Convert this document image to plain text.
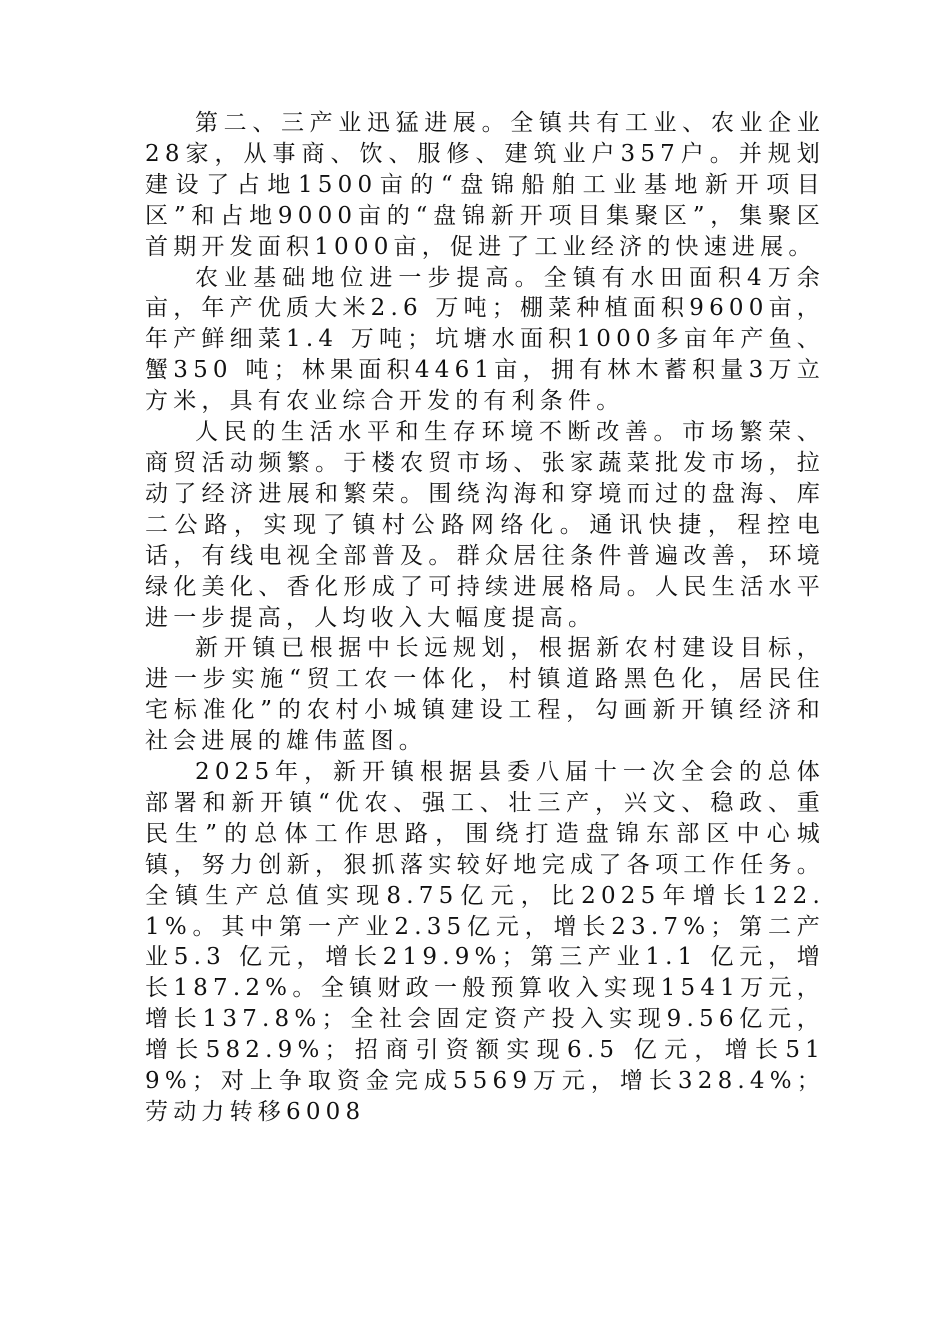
第二、三产业迅猛进展。全镇共有工业、农业企业28家，从事商、饮、服修、建筑业户357户。并规划建设了占地1500亩的“盘锦船舶工业基地新开项目区”和占地9000亩的“盘锦新开项目集聚区”，集聚区首期开发面积1000亩，促进了工业经济的快速进展。

农业基础地位进一步提高。全镇有水田面积4万余亩，年产优质大米2.6 万吨；棚菜种植面积9600亩，年产鲜细菜1.4 万吨；坑塘水面积1000多亩年产鱼、蟹350 吨；林果面积4461亩，拥有林木蓄积量3万立方米，具有农业综合开发的有利条件。

人民的生活水平和生存环境不断改善。市场繁荣、商贸活动频繁。于楼农贸市场、张家蔬菜批发市场，拉动了经济进展和繁荣。围绕沟海和穿境而过的盘海、库二公路，实现了镇村公路网络化。通讯快捷，程控电话，有线电视全部普及。群众居往条件普遍改善，环境绿化美化、香化形成了可持续进展格局。人民生活水平进一步提高，人均收入大幅度提高。

新开镇已根据中长远规划，根据新农村建设目标，进一步实施“贸工农一体化，村镇道路黑色化，居民住宅标准化”的农村小城镇建设工程，勾画新开镇经济和社会进展的雄伟蓝图。

2025年，新开镇根据县委八届十一次全会的总体部署和新开镇“优农、强工、壮三产，兴文、稳政、重民生”的总体工作思路，围绕打造盘锦东部区中心城镇，努力创新，狠抓落实较好地完成了各项工作任务。全镇生产总值实现8.75亿元，比2025年增长122.1%。其中第一产业2.35亿元，增长23.7%；第二产业5.3 亿元，增长219.9%；第三产业1.1 亿元，增长187.2%。全镇财政一般预算收入实现1541万元，增长137.8%；全社会固定资产投入实现9.56亿元，增长582.9%；招商引资额实现6.5 亿元，增长519%；对上争取资金完成5569万元，增长328.4%；劳动力转移6008
